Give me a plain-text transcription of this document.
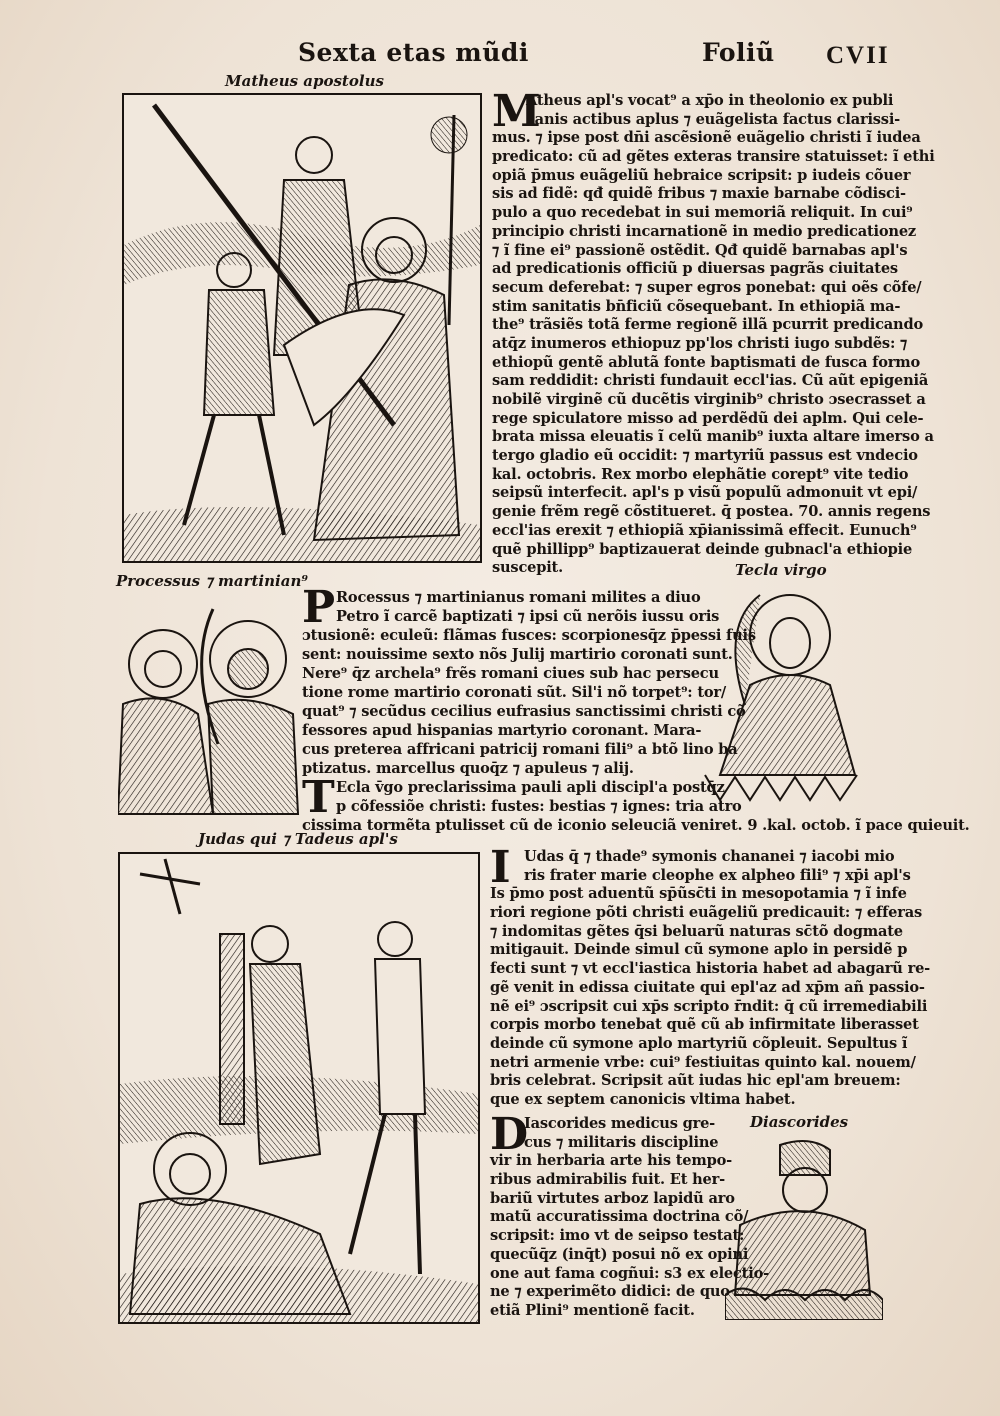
Sexta etas mũdi	Foliũ CVII
Matheus apostolus
Processus ⁊ martinian⁹
Tecla virgo
Judas qui ⁊ Tadeus apl's
Diascorides
M
Atheus apl's vocat⁹ a xp̄o in theolonio ex publi
canis actibus aplus ⁊ euãgelista factus clarissi-
mus. ⁊ ipse post dn̄i ascẽsionẽ euãgelio christi ĩ iudea
predicato: cũ ad gẽtes exteras transire statuisset: ĩ ethi
opiã p̄mus euãgeliũ hebraice scripsit: p iudeis cõuer
sis ad fidẽ: qđ quidẽ fribus ⁊ maxie barnabe cõdisci-
pulo a quo recedebat in sui memoriã reliquit. In cui⁹
principio christi incarnationẽ in medio predicationez
⁊ ĩ fine ei⁹ passionẽ ostẽdit. Qđ quidẽ barnabas apl's
ad predicationis officiũ p diuersas pagrãs ciuitates
secum deferebat: ⁊ super egros ponebat: qui oẽs cõfe/
stim sanitatis bn̄ficiũ cõsequebant. In ethiopiã ma-
the⁹ trãsiẽs totã ferme regionẽ illã pcurrit predicando
atq̄z inumeros ethiopuz pp'los christi iugo subdẽs: ⁊
ethiopũ gentẽ ablutã fonte baptismati de fusca formo
sam reddidit: christi fundauit eccl'ias. Cũ aũt epigeniã
nobilẽ virginẽ cũ ducẽtis virginib⁹ christo ɔsecrasset a
rege spiculatore misso ad perdẽdũ dei aplm. Qui cele-
brata missa eleuatis ĩ celũ manib⁹ iuxta altare imerso a
tergo gladio eũ occidit: ⁊ martyriũ passus est vndecio
kal. octobris. Rex morbo elephãtie corept⁹ vite tedio
seipsũ interfecit. apl's p visũ populũ admonuit vt epi/
genie frẽm regẽ cõstitueret. q̄ postea. 70. annis regens
eccl'ias erexit ⁊ ethiopiã xp̄ianissimã effecit. Eunuch⁹
quẽ phillipp⁹ baptizauerat deinde gubnacl'a ethiopie
suscepit.
P Rocessus ⁊ martinianus romani milites a diuo
Petro ĩ carcẽ baptizati ⁊ ipsi cũ nerõis iussu oris
ɔtusionẽ: eculeũ: flãmas fusces: scorpionesq̄z p̄pessi fuis
sent: nouissime sexto nõs Julij martirio coronati sunt.
Nere⁹ q̄z archela⁹ frẽs romani ciues sub hac persecu
tione rome martirio coronati sũt. Sil'i nõ torpet⁹: tor/
quat⁹ ⁊ secũdus cecilius eufrasius sanctissimi christi cõ
fessores apud hispanias martyrio coronant. Mara-
cus preterea affricani patricij romani fili⁹ a btõ lino ba
ptizatus. marcellus quoq̄z ⁊ apuleus ⁊ alij.
T Ecla v̄go preclarissima pauli apli discipl'a postq̄z
p cõfessiõe christi: fustes: bestias ⁊ ignes: tria atro
cissima tormẽta ptulisset cũ de iconio seleuciã veniret. 9 .kal. octob. ĩ pace quieuit.
I Udas q̄ ⁊ thade⁹ symonis chananei ⁊ iacobi mio
ris frater marie cleophe ex alpheo fili⁹ ⁊ xp̄i apl's
Is p̄mo post aduentũ sp̄ũsc̄ti in mesopotamia ⁊ ĩ infe
riori regione põti christi euãgeliũ predicauit: ⁊ efferas
⁊ indomitas gẽtes q̄si beluarũ naturas sc̄tõ dogmate
mitigauit. Deinde simul cũ symone aplo in persidẽ p
fecti sunt ⁊ vt eccl'iastica historia habet ad abagarũ re-
gẽ venit in edissa ciuitate qui epl'az ad xp̄m añ passio-
nẽ ei⁹ ɔscripsit cui xp̄s scripto r̄ndit: q̄ cũ irremediabili
corpis morbo tenebat quẽ cũ ab infirmitate liberasset
deinde cũ symone aplo martyriũ cõpleuit. Sepultus ĩ
netri armenie vrbe: cui⁹ festiuitas quinto kal. nouem/
bris celebrat. Scripsit aũt iudas hic epl'am breuem:
que ex septem canonicis vltima habet.
D
Iascorides medicus gre-
cus ⁊ militaris disciplinе
vir in herbaria arte his tempo-
ribus admirabilis fuit. Et her-
bariũ virtutes arboz lapidũ aro
matũ accuratissima doctrina cõ/
scripsit: imo vt de seipso testat:
quecũq̄z (inq̄t) posui nõ ex opini
one aut fama cogñui: s3 ex electio-
ne ⁊ experimẽto didici: de quo
etiã Plini⁹ mentionẽ facit.
